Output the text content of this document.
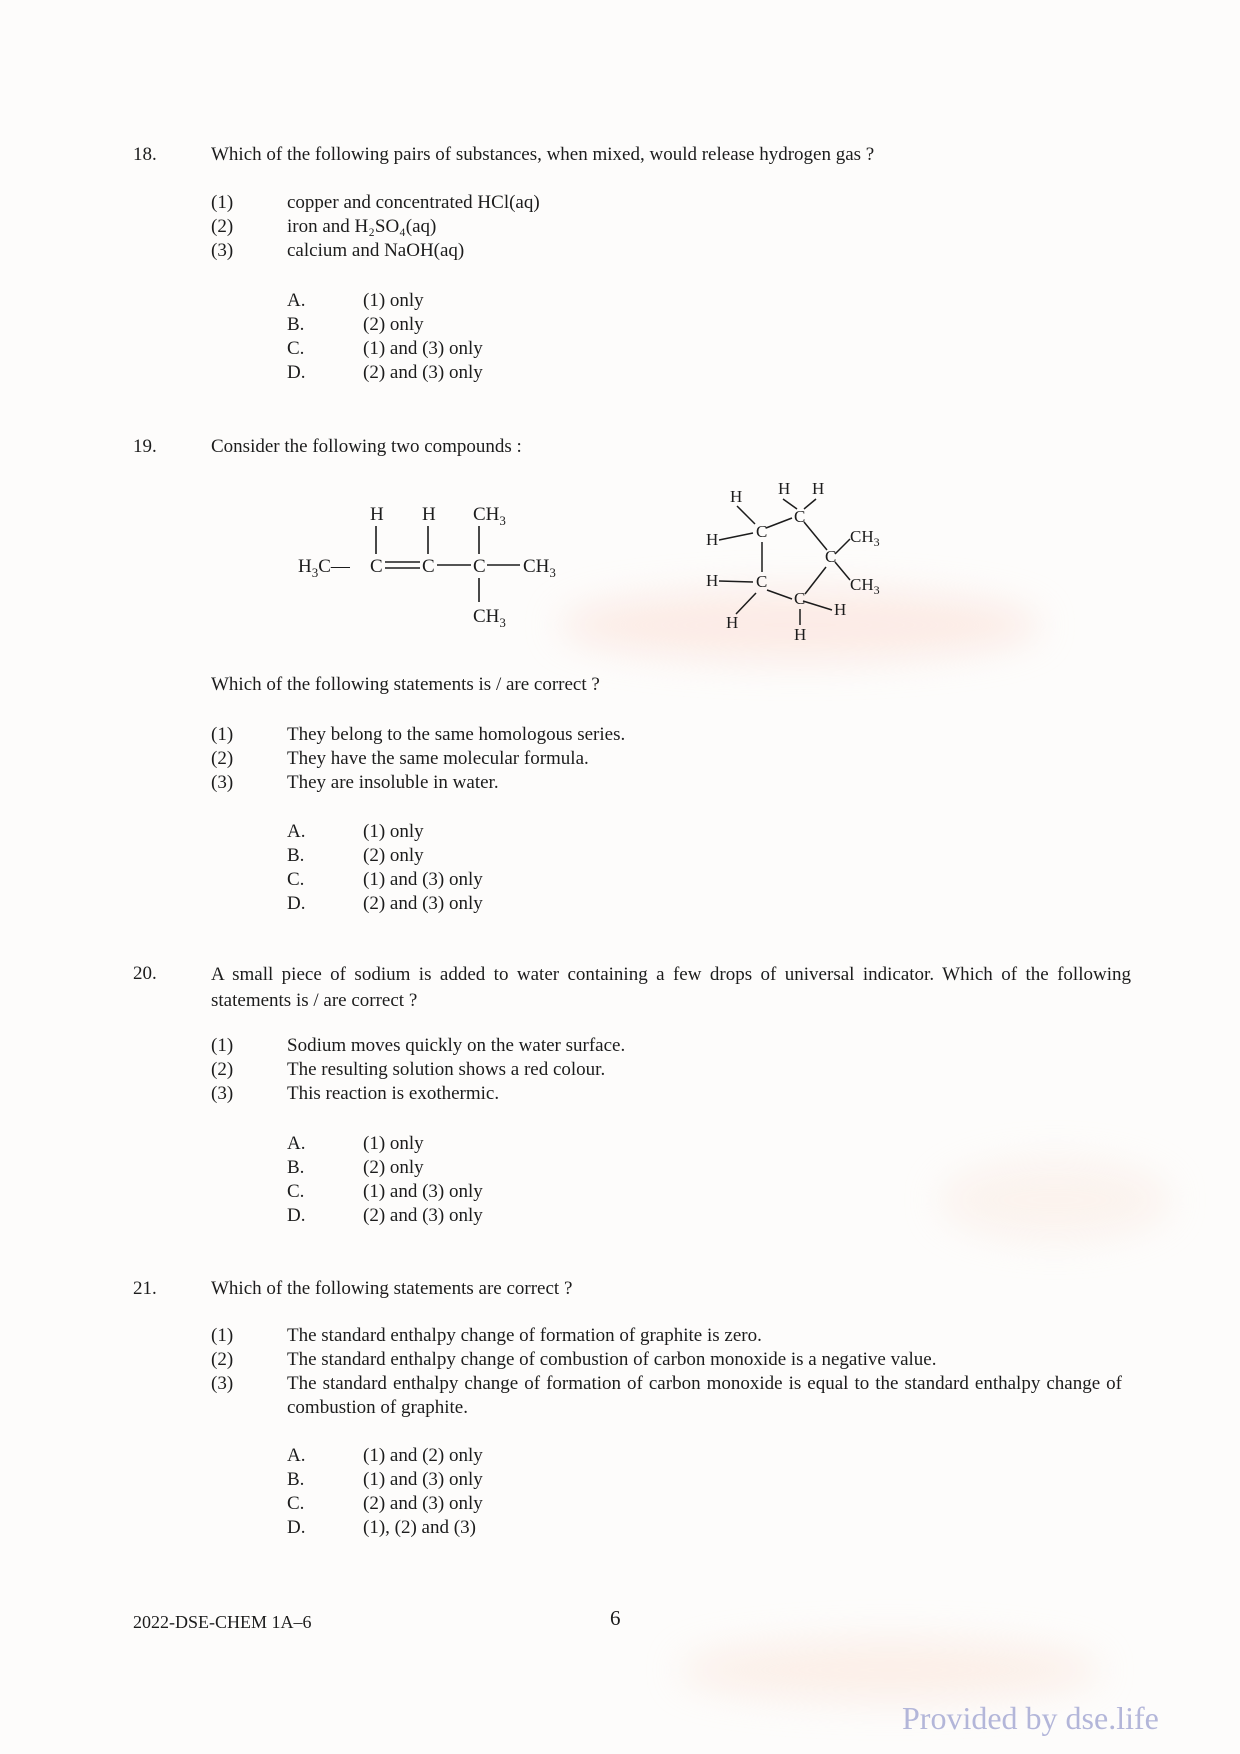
18.	Which of the following pairs of substances, when mixed, would release hydrogen gas ?
(1)	copper and concentrated HCl(aq)
(2)	iron and H₂SO₄(aq)
(3)	calcium and NaOH(aq)
A.	(1) only
B.	(2) only
C.	(1) and (3) only
D.	(2) and (3) only
19.	Consider the following two compounds :
H H $CH_3$
$H_3C—$ C C C $CH_3$
$CH_3$
H H
H
C
C
H
C
$CH_3$
$CH_3$
H C
C
H
H
H
Which of the following statements is / are correct ?
(1)	They belong to the same homologous series.
(2)	They have the same molecular formula.
(3)	They are insoluble in water.
A.	(1) only
B.	(2) only
C.	(1) and (3) only
D.	(2) and (3) only
20.	A small piece of sodium is added to water containing a few drops of universal indicator. Which of the following statements is / are correct ?
(1)	Sodium moves quickly on the water surface.
(2)	The resulting solution shows a red colour.
(3)	This reaction is exothermic.
A.	(1) only
B.	(2) only
C.	(1) and (3) only
D.	(2) and (3) only
21.	Which of the following statements are correct ?
(1)	The standard enthalpy change of formation of graphite is zero.
(2)	The standard enthalpy change of combustion of carbon monoxide is a negative value.
(3)	The standard enthalpy change of formation of carbon monoxide is equal to the standard enthalpy change of combustion of graphite.
A.	(1) and (2) only
B.	(1) and (3) only
C.	(2) and (3) only
D.	(1), (2) and (3)
2022-DSE-CHEM 1A–6	6
Provided by dse.life
